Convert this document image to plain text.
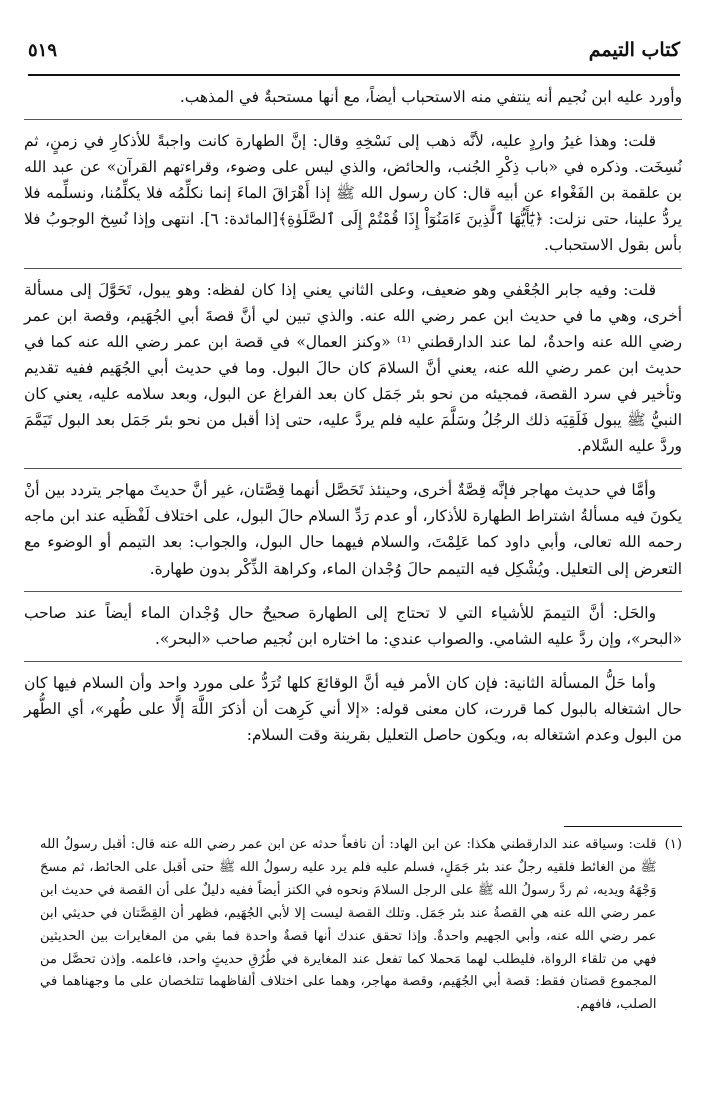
كتاب التيمم
٥١٩

وأورد عليه ابن نُجيم أنه ينتفي منه الاستحباب أيضاً، مع أنها مستحبةٌ في المذهب.

قلت: وهذا غيرُ واردٍ عليه، لأنَّه ذهب إلى نَسْخِهِ وقال: إنَّ الطهارة كانت واجبةً للأذكارِ في زمنٍ، ثم نُسِخَت. وذكره في «باب ذِكْرِ الجُنب، والحائض، والذي ليس على وضوء، وقراءتهم القرآن» عن عبد الله بن علقمة بن الفَغْواء عن أبيه قال: كان رسول الله ﷺ إذا أَهْرَاقَ الماءَ إنما نكلِّمُه فلا يكلِّمُنا، ونسلِّمه فلا يردُّ علينا، حتى نزلت: ﴿يَٰٓأَيُّهَا ٱلَّذِينَ ءَامَنُوٓاْ إِذَا قُمْتُمْ إِلَى ٱلصَّلَوٰةِ﴾[المائدة: ٦]. انتهى وإذا نُسِخ الوجوبُ فلا بأس بقول الاستحباب.

قلت: وفيه جابر الجُعْفي وهو ضعيف، وعلى الثاني يعني إذا كان لفظه: وهو يبول، تَحَوَّلَ إلى مسألة أخرى، وهي ما في حديث ابن عمر رضي الله عنه. والذي تبين لي أنَّ قصةَ أبي الجُهَيم، وقصة ابن عمر رضي الله عنه واحدةٌ، لما عند الدارقطني ⁽¹⁾ «وكنز العمال» في قصة ابن عمر رضي الله عنه كما في حديث ابن عمر رضي الله عنه، يعني أنَّ السلامَ كان حالَ البول. وما في حديث أبي الجُهَيم ففيه تقديم وتأخير في سرد القصة، فمجيئه من نحو بئر جَمَل كان بعد الفراغ عن البول، وبعد سلامه عليه، يعني كان النبيُّ ﷺ يبول فَلَقِيَه ذلك الرجُلُ وسَلَّمَ عليه فلم يردَّ عليه، حتى إذا أقبل من نحو بئر جَمَل بعد البول تَيَمَّمَ وردَّ عليه السَّلام.

وأمَّا في حديث مهاجر فإنَّه قِصَّةٌ أخرى، وحينئذ تَحَصَّل أنهما قِصَّتان، غير أنَّ حديثَ مهاجر يتردد بين أنْ يكونَ فيه مسألةُ اشتراط الطهارة للأذكار، أو عدم رَدِّ السلام حالَ البول، على اختلاف لَفْظَيه عند ابن ماجه رحمه الله تعالى، وأبي داود كما عَلِمْتَ، والسلام فيهما حال البول، والجواب: بعد التيمم أو الوضوء مع التعرض إلى التعليل. ويُشْكِل فيه التيمم حالَ وُجْدان الماء، وكراهة الذِّكْر بدون طهارة.

والحَل: أنَّ التيممَ للأشياء التي لا تحتاج إلى الطهارة صحيحٌ حال وُجْدان الماء أيضاً عند صاحب «البحر»، وإن ردَّ عليه الشامي. والصواب عندي: ما اختاره ابن نُجيم صاحب «البحر».

وأما حَلُّ المسألة الثانية: فإن كان الأمر فيه أنَّ الوقائعَ كلها تُرَدُّ على مورد واحد وأن السلام فيها كان حال اشتغاله بالبول كما قررت، كان معنى قوله: «إلا أني كَرِهت أن أذكرَ اللَّهَ إلَّا على طُهر»، أي الطُّهر من البول وعدم اشتغاله به، ويكون حاصل التعليل بقرينة وقت السلام:

(١)
قلت: وسياقه عند الدارقطني هكذا: عن ابن الهاد: أن نافعاً حدثه عن ابن عمر رضي الله عنه قال: أقبل رسولُ الله ﷺ من الغائط فلقيه رجلٌ عند بئر جَمَلٍ، فسلم عليه فلم يرد عليه رسولُ الله ﷺ حتى أقبل على الحائط، ثم مسحَ وَجْهَهُ ويديه، ثم ردَّ رسولُ الله ﷺ على الرجل السلامَ ونحوه في الكنز أيضاً ففيه دليلٌ على أن القصة في حديث ابن عمر رضي الله عنه هي القصةُ عند بئر جَمَل. وتلك القصة ليست إلا لأبي الجُهَيم، فظهر أن القِصَّتان في حديثي ابن عمر رضي الله عنه، وأبي الجهيم واحدةٌ. وإذا تحقق عندك أنها قصةٌ واحدة فما بقي من المغايرات بين الحديثين فهي من تلقاء الرواة، فليطلب لهما مَحملا كما تفعل عند المغايرة في طُرُقِ حديثٍ واحد، فاعلمه. وإذن تحصَّل من المجموع قصتان فقط: قصة أبي الجُهَيم، وقصة مهاجر، وهما على اختلاف ألفاظهما تتلخصان على ما وجهناهما في الصلب، فافهم.
